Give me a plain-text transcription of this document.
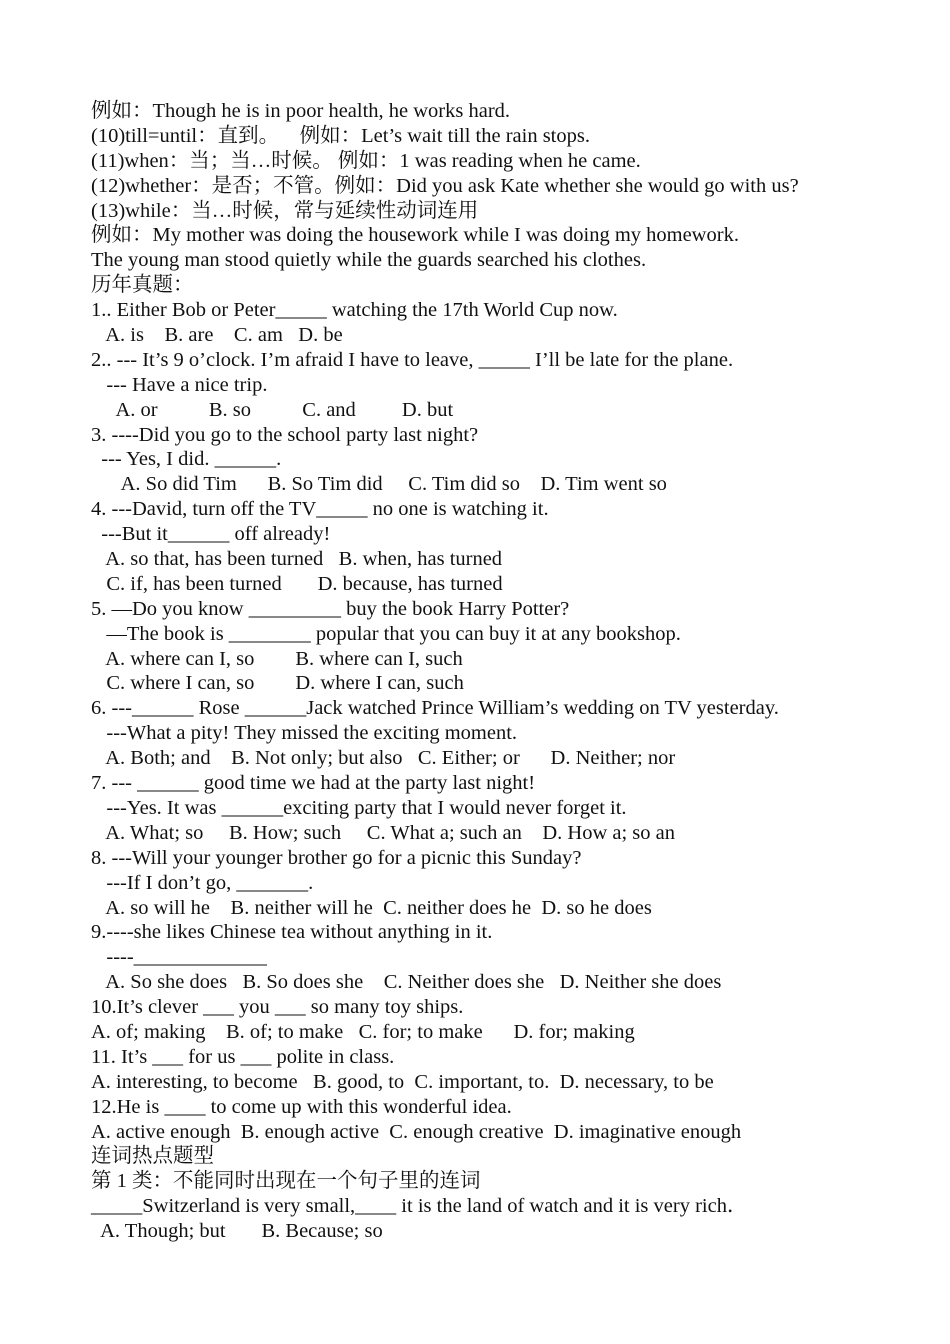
例如：Though he is in poor health, he works hard.
(10)till=until：直到。    例如：Let’s wait till the rain stops.
(11)when：当；当…时候。 例如：1 was reading when he came.
(12)whether：是否；不管。例如：Did you ask Kate whether she would go with us?
(13)while：当…时候，常与延续性动词连用
例如：My mother was doing the housework while I was doing my homework.
The young man stood quietly while the guards searched his clothes.
历年真题：
1.. Either Bob or Peter_____ watching the 17th World Cup now.
A. is    B. are    C. am   D. be
2.. --- It’s 9 o’clock. I’m afraid I have to leave, _____ I’ll be late for the plane.
--- Have a nice trip.
A. or          B. so          C. and         D. but
3. ----Did you go to the school party last night?
--- Yes, I did. ______.
A. So did Tim      B. So Tim did     C. Tim did so    D. Tim went so
4. ---David, turn off the TV_____ no one is watching it.
---But it______ off already!
A. so that, has been turned   B. when, has turned
C. if, has been turned       D. because, has turned
5. —Do you know _________ buy the book Harry Potter?
—The book is ________ popular that you can buy it at any bookshop.
A. where can I, so        B. where can I, such
C. where I can, so        D. where I can, such
6. ---______ Rose ______Jack watched Prince William’s wedding on TV yesterday.
---What a pity! They missed the exciting moment.
A. Both; and    B. Not only; but also   C. Either; or      D. Neither; nor
7. --- ______ good time we had at the party last night!
---Yes. It was ______exciting party that I would never forget it.
A. What; so     B. How; such     C. What a; such an    D. How a; so an
8. ---Will your younger brother go for a picnic this Sunday?
---If I don’t go, _______.
A. so will he    B. neither will he  C. neither does he  D. so he does
9.----she likes Chinese tea without anything in it.
----_____________
A. So she does   B. So does she    C. Neither does she   D. Neither she does
10.It’s clever ___ you ___ so many toy ships.
A. of; making    B. of; to make   C. for; to make      D. for; making
11. It’s ___ for us ___ polite in class.
A. interesting, to become   B. good, to  C. important, to.  D. necessary, to be
12.He is ____ to come up with this wonderful idea.
A. active enough  B. enough active  C. enough creative  D. imaginative enough
连词热点题型
第 1 类：不能同时出现在一个句子里的连词
_____Switzerland is very small,____ it is the land of watch and it is very rich．
A. Though; but       B. Because; so
